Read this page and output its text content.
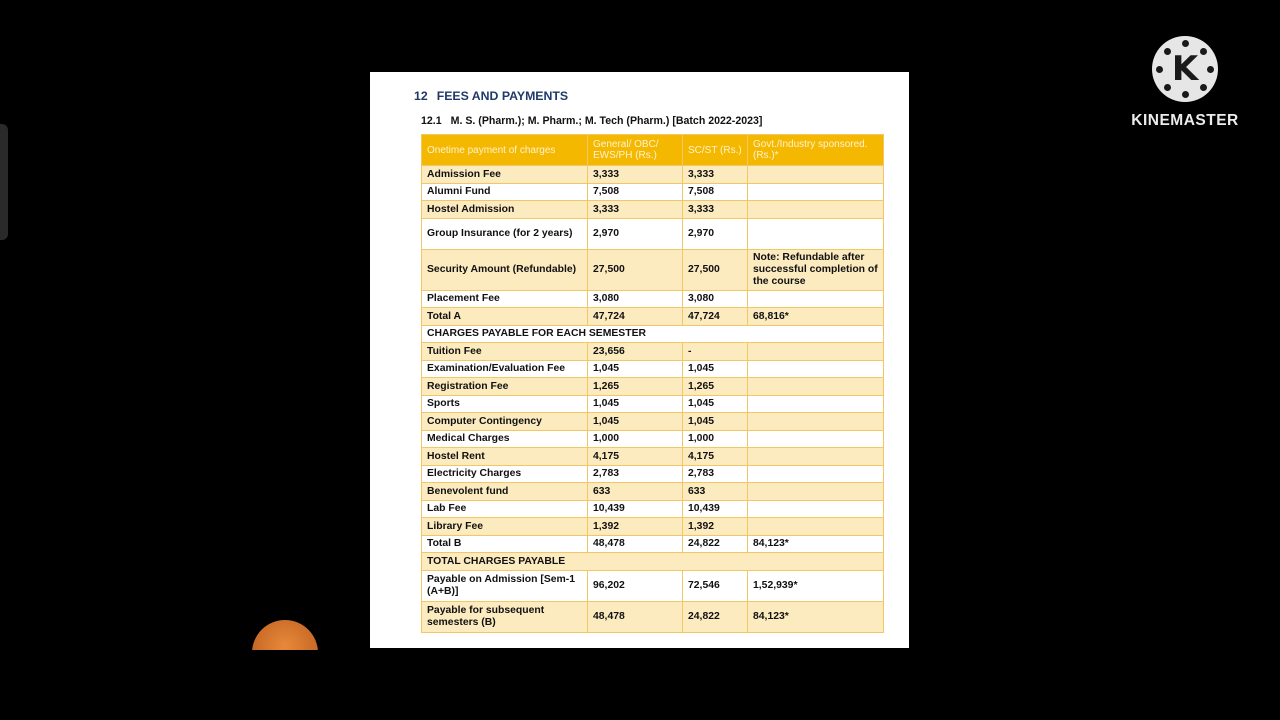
K
KINEMASTER
12 FEES AND PAYMENTS
12.1 M. S. (Pharm.); M. Pharm.; M. Tech (Pharm.) [Batch 2022-2023]
Onetime payment of charges	General/ OBC/ EWS/PH (Rs.)	SC/ST (Rs.)	Govt./Industry sponsored. (Rs.)*
Admission Fee	3,333	3,333	
Alumni Fund	7,508	7,508	
Hostel Admission	3,333	3,333	
Group Insurance (for 2 years)	2,970	2,970	
Security Amount (Refundable)	27,500	27,500	Note: Refundable after successful completion of the course
Placement Fee	3,080	3,080	
Total A	47,724	47,724	68,816*
CHARGES PAYABLE FOR EACH SEMESTER			
Tuition Fee	23,656	-	
Examination/Evaluation Fee	1,045	1,045	
Registration Fee	1,265	1,265	
Sports	1,045	1,045	
Computer Contingency	1,045	1,045	
Medical Charges	1,000	1,000	
Hostel Rent	4,175	4,175	
Electricity Charges	2,783	2,783	
Benevolent fund	633	633	
Lab Fee	10,439	10,439	
Library Fee	1,392	1,392	
Total B	48,478	24,822	84,123*
TOTAL CHARGES PAYABLE			
Payable on Admission [Sem-1 (A+B)]	96,202	72,546	1,52,939*
Payable for subsequent semesters (B)	48,478	24,822	84,123*
